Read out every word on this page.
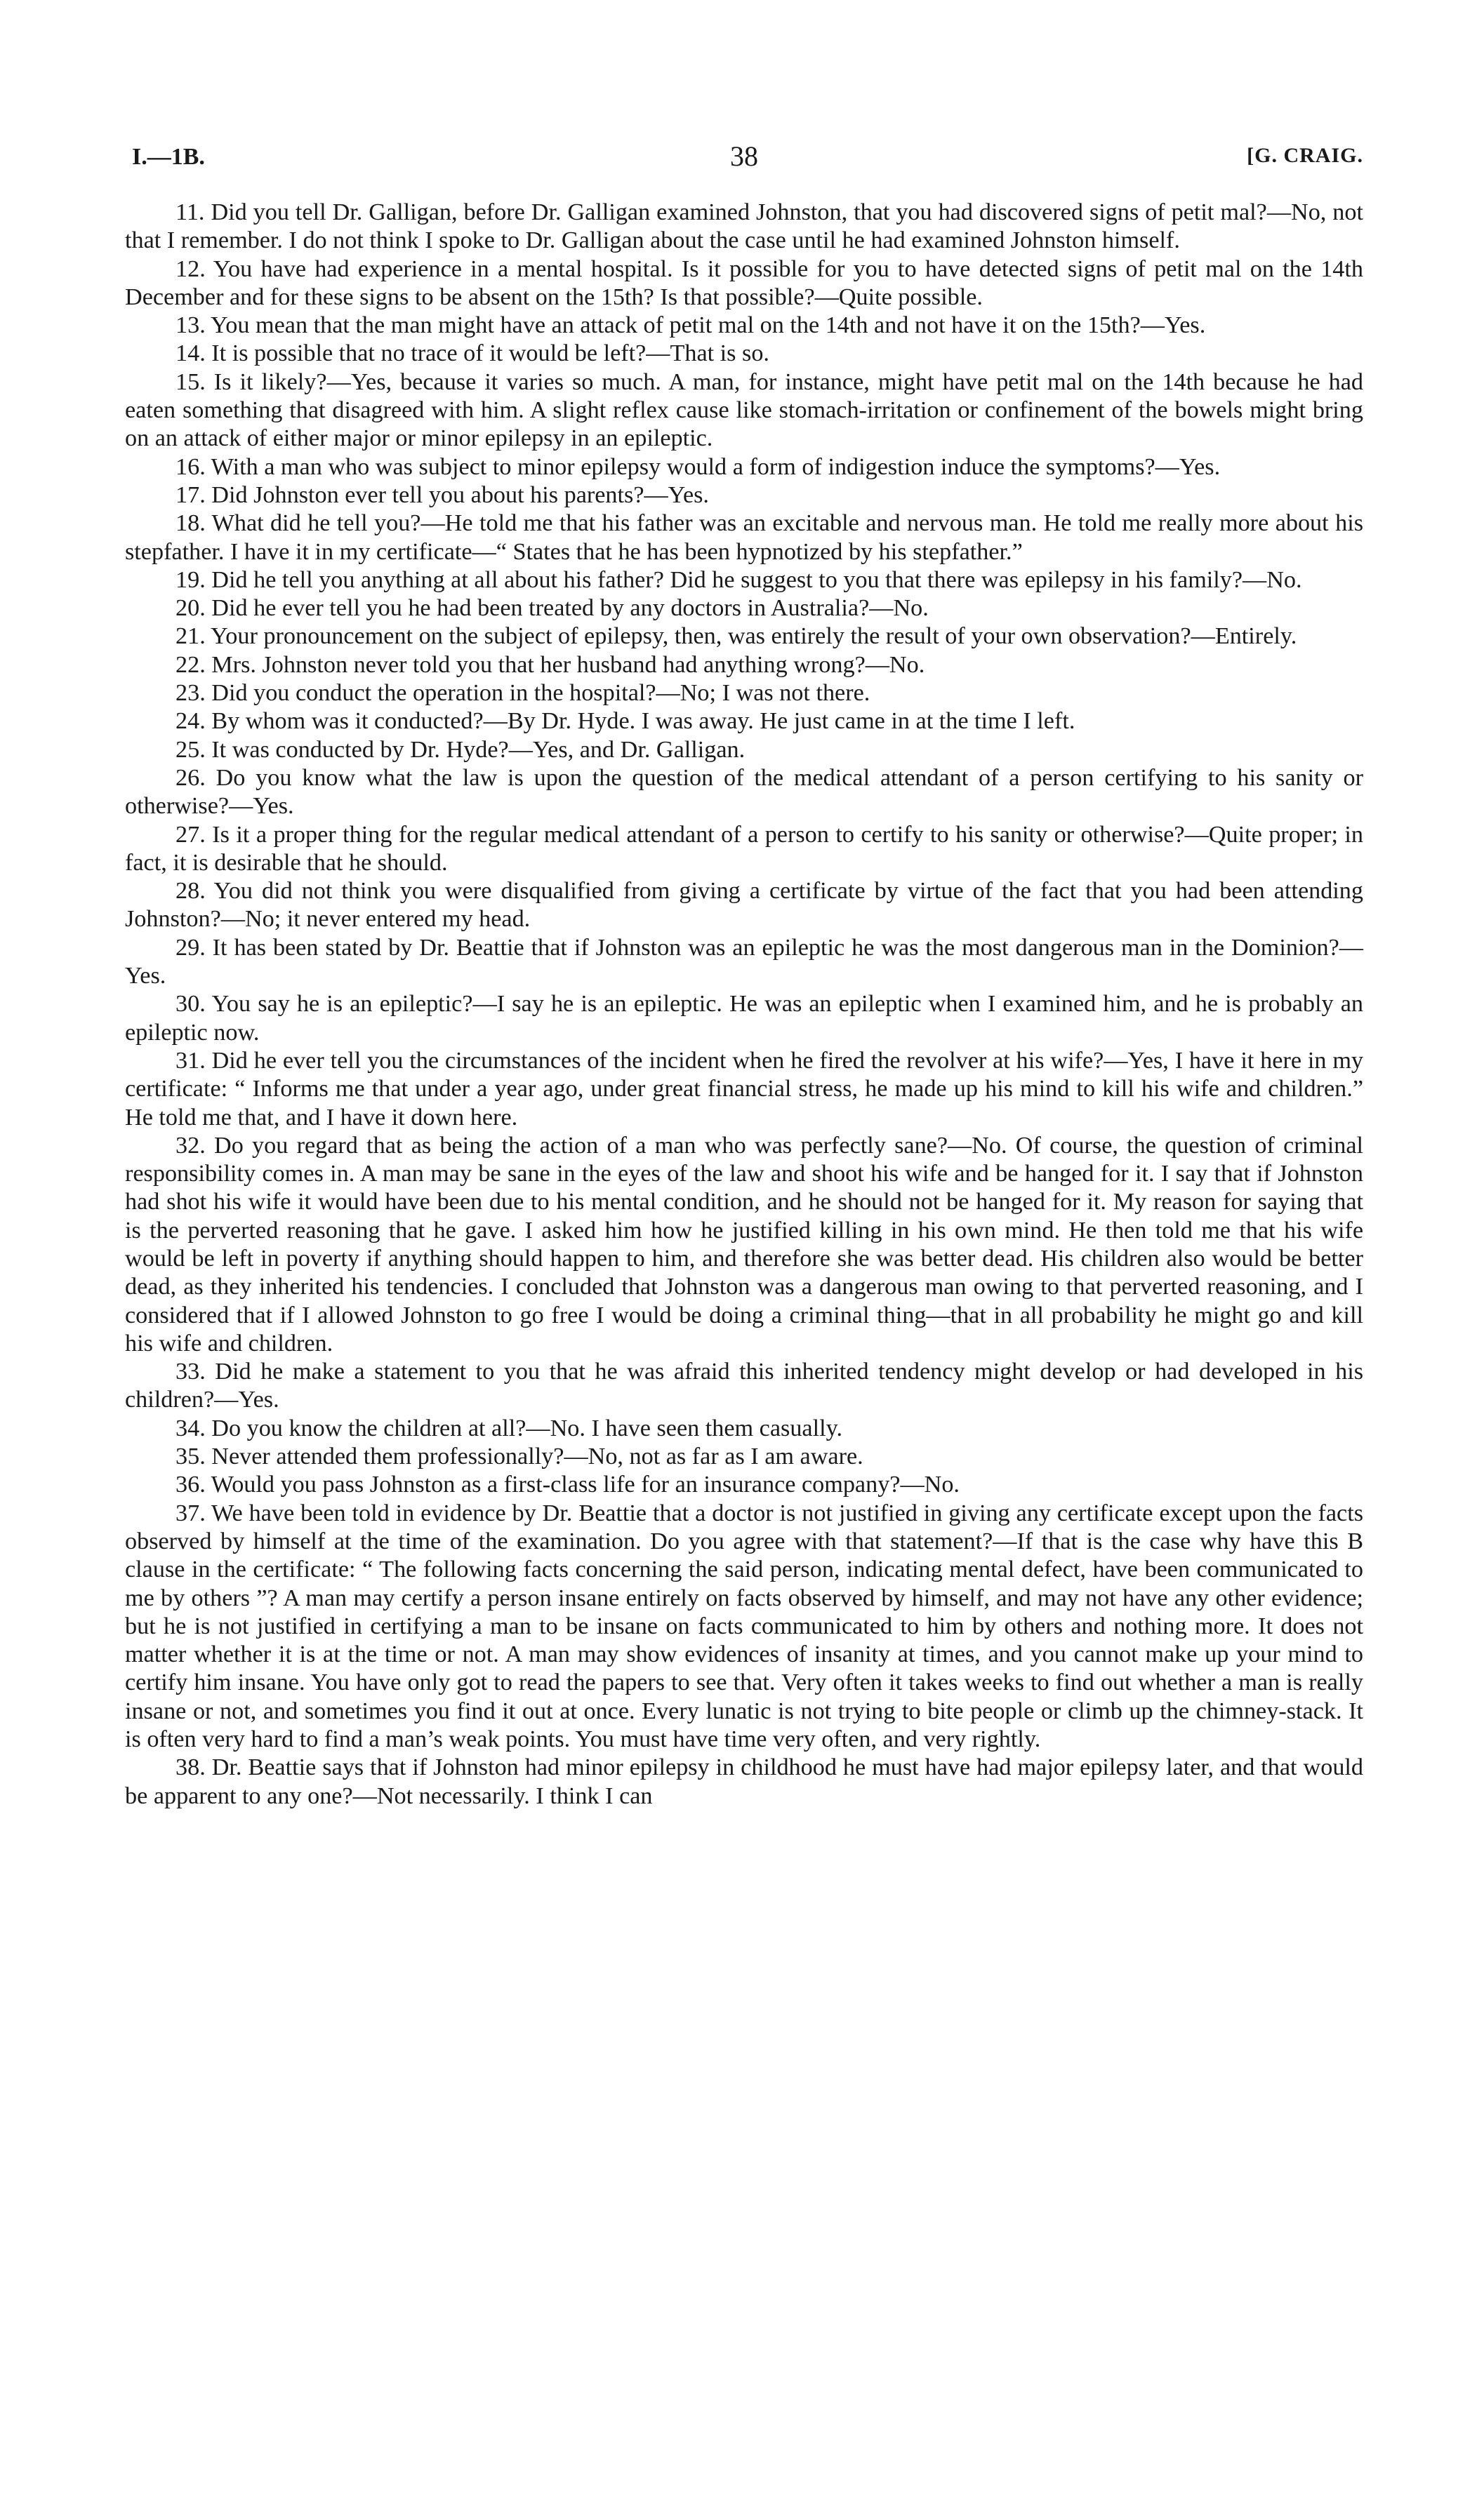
I.—1B.	38	[G. CRAIG.

11. Did you tell Dr. Galligan, before Dr. Galligan examined Johnston, that you had discovered signs of petit mal?—No, not that I remember. I do not think I spoke to Dr. Galligan about the case until he had examined Johnston himself.

12. You have had experience in a mental hospital. Is it possible for you to have detected signs of petit mal on the 14th December and for these signs to be absent on the 15th? Is that possible?—Quite possible.

13. You mean that the man might have an attack of petit mal on the 14th and not have it on the 15th?—Yes.

14. It is possible that no trace of it would be left?—That is so.

15. Is it likely?—Yes, because it varies so much. A man, for instance, might have petit mal on the 14th because he had eaten something that disagreed with him. A slight reflex cause like stomach-irritation or confinement of the bowels might bring on an attack of either major or minor epilepsy in an epileptic.

16. With a man who was subject to minor epilepsy would a form of indigestion induce the symptoms?—Yes.

17. Did Johnston ever tell you about his parents?—Yes.

18. What did he tell you?—He told me that his father was an excitable and nervous man. He told me really more about his stepfather. I have it in my certificate—“ States that he has been hypnotized by his stepfather.”

19. Did he tell you anything at all about his father? Did he suggest to you that there was epilepsy in his family?—No.

20. Did he ever tell you he had been treated by any doctors in Australia?—No.

21. Your pronouncement on the subject of epilepsy, then, was entirely the result of your own observation?—Entirely.

22. Mrs. Johnston never told you that her husband had anything wrong?—No.

23. Did you conduct the operation in the hospital?—No; I was not there.

24. By whom was it conducted?—By Dr. Hyde. I was away. He just came in at the time I left.

25. It was conducted by Dr. Hyde?—Yes, and Dr. Galligan.

26. Do you know what the law is upon the question of the medical attendant of a person certifying to his sanity or otherwise?—Yes.

27. Is it a proper thing for the regular medical attendant of a person to certify to his sanity or otherwise?—Quite proper; in fact, it is desirable that he should.

28. You did not think you were disqualified from giving a certificate by virtue of the fact that you had been attending Johnston?—No; it never entered my head.

29. It has been stated by Dr. Beattie that if Johnston was an epileptic he was the most dangerous man in the Dominion?—Yes.

30. You say he is an epileptic?—I say he is an epileptic. He was an epileptic when I examined him, and he is probably an epileptic now.

31. Did he ever tell you the circumstances of the incident when he fired the revolver at his wife?—Yes, I have it here in my certificate: “ Informs me that under a year ago, under great financial stress, he made up his mind to kill his wife and children.” He told me that, and I have it down here.

32. Do you regard that as being the action of a man who was perfectly sane?—No. Of course, the question of criminal responsibility comes in. A man may be sane in the eyes of the law and shoot his wife and be hanged for it. I say that if Johnston had shot his wife it would have been due to his mental condition, and he should not be hanged for it. My reason for saying that is the perverted reasoning that he gave. I asked him how he justified killing in his own mind. He then told me that his wife would be left in poverty if anything should happen to him, and therefore she was better dead. His children also would be better dead, as they inherited his tendencies. I concluded that Johnston was a dangerous man owing to that perverted reasoning, and I considered that if I allowed Johnston to go free I would be doing a criminal thing—that in all probability he might go and kill his wife and children.

33. Did he make a statement to you that he was afraid this inherited tendency might develop or had developed in his children?—Yes.

34. Do you know the children at all?—No. I have seen them casually.

35. Never attended them professionally?—No, not as far as I am aware.

36. Would you pass Johnston as a first-class life for an insurance company?—No.

37. We have been told in evidence by Dr. Beattie that a doctor is not justified in giving any certificate except upon the facts observed by himself at the time of the examination. Do you agree with that statement?—If that is the case why have this B clause in the certificate: “ The following facts concerning the said person, indicating mental defect, have been communicated to me by others ”? A man may certify a person insane entirely on facts observed by himself, and may not have any other evidence; but he is not justified in certifying a man to be insane on facts communicated to him by others and nothing more. It does not matter whether it is at the time or not. A man may show evidences of insanity at times, and you cannot make up your mind to certify him insane. You have only got to read the papers to see that. Very often it takes weeks to find out whether a man is really insane or not, and sometimes you find it out at once. Every lunatic is not trying to bite people or climb up the chimney-stack. It is often very hard to find a man’s weak points. You must have time very often, and very rightly.

38. Dr. Beattie says that if Johnston had minor epilepsy in childhood he must have had major epilepsy later, and that would be apparent to any one?—Not necessarily. I think I can
